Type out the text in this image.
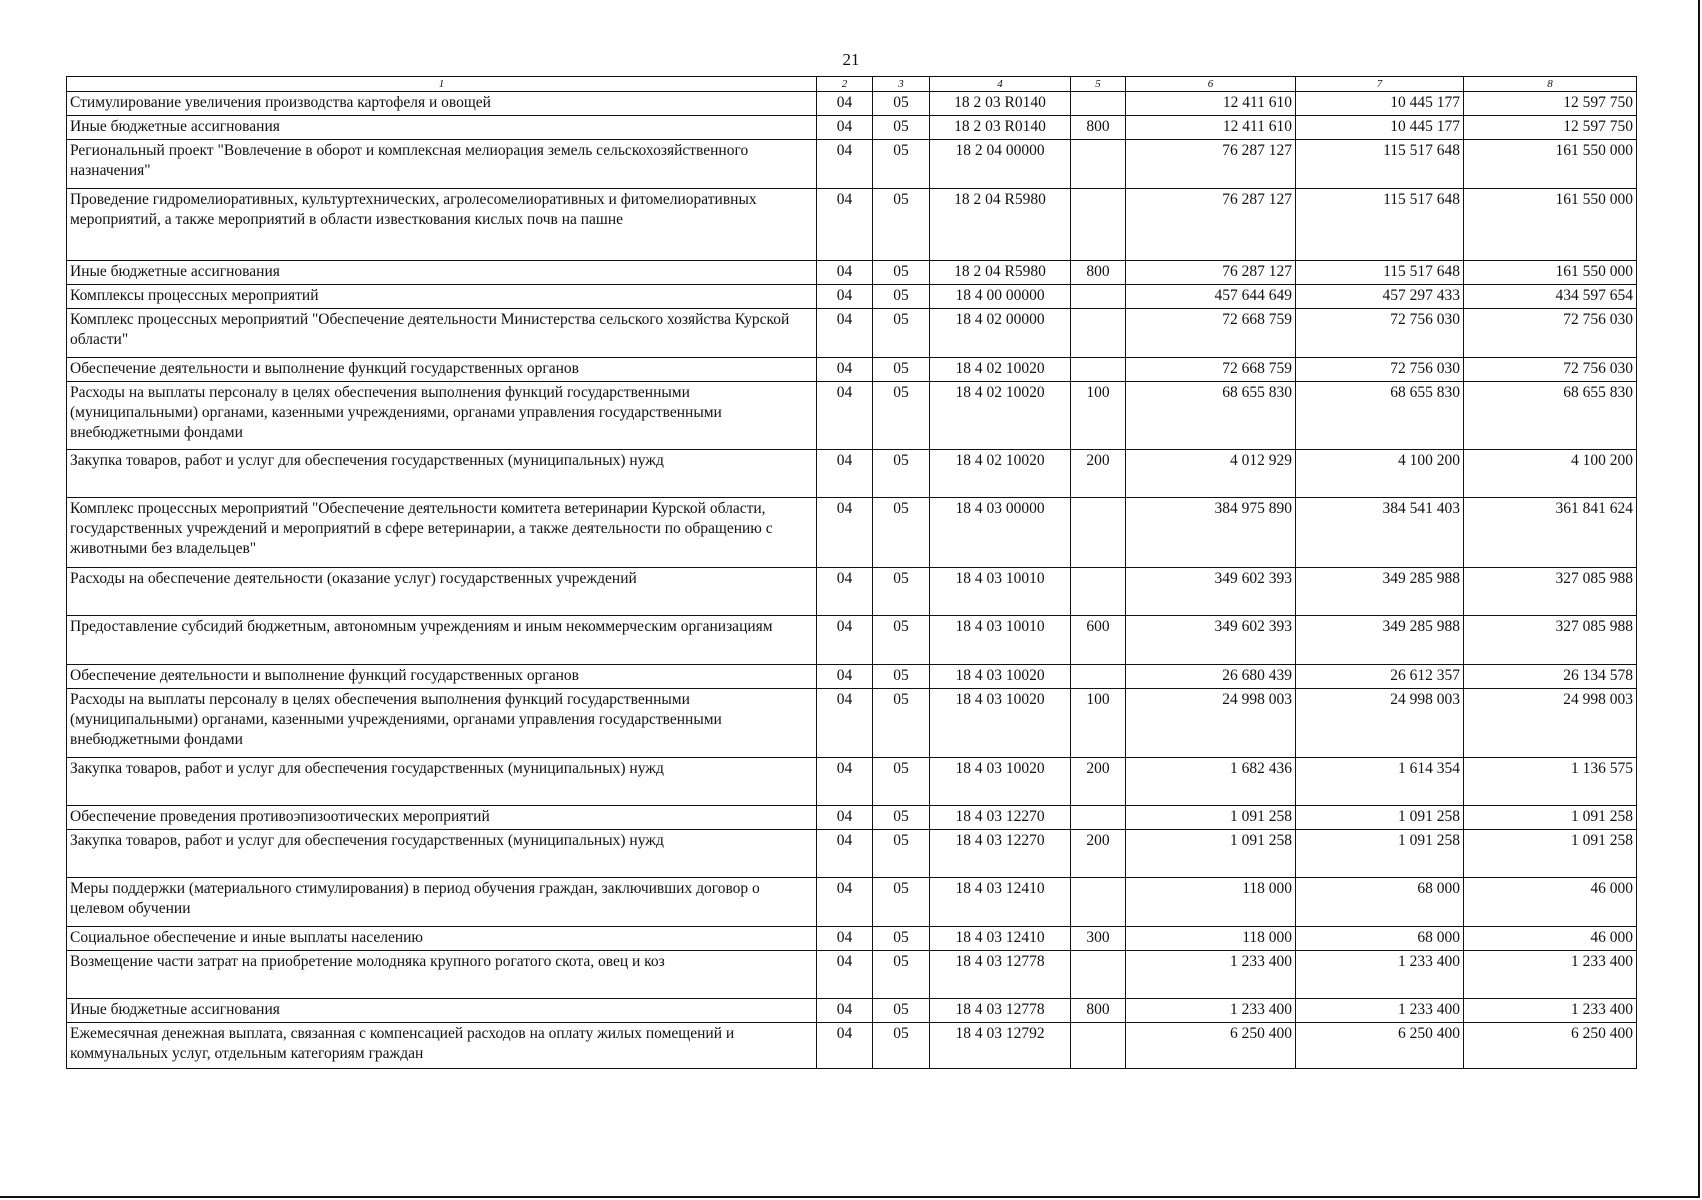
21
1	2	3	4	5	6	7	8
Стимулирование увеличения производства картофеля и овощей	04	05	18 2 03 R0140		12 411 610	10 445 177	12 597 750
Иные бюджетные ассигнования	04	05	18 2 03 R0140	800	12 411 610	10 445 177	12 597 750
Региональный проект "Вовлечение в оборот и комплексная мелиорация земель сельскохозяйственного назначения"	04	05	18 2 04 00000		76 287 127	115 517 648	161 550 000
Проведение гидромелиоративных, культуртехнических, агролесомелиоративных и фитомелиоративных мероприятий, а также мероприятий в области известкования кислых почв на пашне	04	05	18 2 04 R5980		76 287 127	115 517 648	161 550 000
Иные бюджетные ассигнования	04	05	18 2 04 R5980	800	76 287 127	115 517 648	161 550 000
Комплексы процессных мероприятий	04	05	18 4 00 00000		457 644 649	457 297 433	434 597 654
Комплекс процессных мероприятий "Обеспечение деятельности Министерства сельского хозяйства Курской области"	04	05	18 4 02 00000		72 668 759	72 756 030	72 756 030
Обеспечение деятельности и выполнение функций государственных органов	04	05	18 4 02 10020		72 668 759	72 756 030	72 756 030
Расходы на выплаты персоналу в целях обеспечения выполнения функций государственными (муниципальными) органами, казенными учреждениями, органами управления государственными внебюджетными фондами	04	05	18 4 02 10020	100	68 655 830	68 655 830	68 655 830
Закупка товаров, работ и услуг для обеспечения государственных (муниципальных) нужд	04	05	18 4 02 10020	200	4 012 929	4 100 200	4 100 200
Комплекс процессных мероприятий "Обеспечение деятельности комитета ветеринарии Курской области, государственных учреждений и мероприятий в сфере ветеринарии, а также деятельности по обращению с животными без владельцев"	04	05	18 4 03 00000		384 975 890	384 541 403	361 841 624
Расходы на обеспечение деятельности (оказание услуг) государственных учреждений	04	05	18 4 03 10010		349 602 393	349 285 988	327 085 988
Предоставление субсидий бюджетным, автономным учреждениям и иным некоммерческим организациям	04	05	18 4 03 10010	600	349 602 393	349 285 988	327 085 988
Обеспечение деятельности и выполнение функций государственных органов	04	05	18 4 03 10020		26 680 439	26 612 357	26 134 578
Расходы на выплаты персоналу в целях обеспечения выполнения функций государственными (муниципальными) органами, казенными учреждениями, органами управления государственными внебюджетными фондами	04	05	18 4 03 10020	100	24 998 003	24 998 003	24 998 003
Закупка товаров, работ и услуг для обеспечения государственных (муниципальных) нужд	04	05	18 4 03 10020	200	1 682 436	1 614 354	1 136 575
Обеспечение проведения противоэпизоотических мероприятий	04	05	18 4 03 12270		1 091 258	1 091 258	1 091 258
Закупка товаров, работ и услуг для обеспечения государственных (муниципальных) нужд	04	05	18 4 03 12270	200	1 091 258	1 091 258	1 091 258
Меры поддержки (материального стимулирования) в период обучения граждан, заключивших договор о целевом обучении	04	05	18 4 03 12410		118 000	68 000	46 000
Социальное обеспечение и иные выплаты населению	04	05	18 4 03 12410	300	118 000	68 000	46 000
Возмещение части затрат на приобретение молодняка крупного рогатого скота, овец и коз	04	05	18 4 03 12778		1 233 400	1 233 400	1 233 400
Иные бюджетные ассигнования	04	05	18 4 03 12778	800	1 233 400	1 233 400	1 233 400
Ежемесячная денежная выплата, связанная с компенсацией расходов на оплату жилых помещений и коммунальных услуг, отдельным категориям граждан	04	05	18 4 03 12792		6 250 400	6 250 400	6 250 400
